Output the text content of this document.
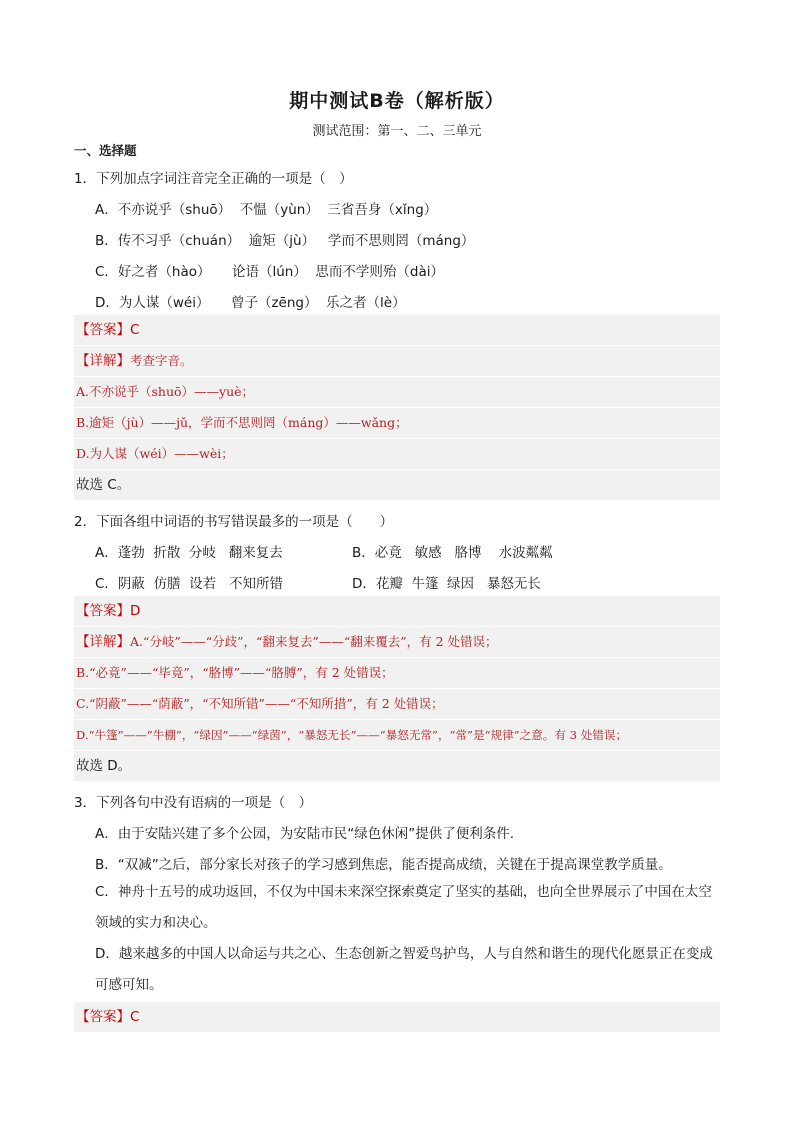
期中测试B卷（解析版）
测试范围：第一、二、三单元
一、选择题
1．下列加点字词注音完全正确的一项是（　）
A．不亦说乎（shuō）  不愠（yùn）  三省吾身（xǐng）
B．传不习乎（chuán）  逾矩（jù）   学而不思则罔（máng）
C．好之者（hào）     论语（lún）  思而不学则殆（dài）
D．为人谋（wéi）     曾子（zēng）  乐之者（lè）
【答案】C
【详解】考查字音。
A.不亦说乎（shuō）——yuè；
B.逾矩（jù）——jǔ，学而不思则罔（máng）——wǎng；
D.为人谋（wéi）——wèi；
故选 C。
2．下面各组中词语的书写错误最多的一项是（　　）
A．蓬勃  折散  分岐   翻来复去	B．必竟   敏感   胳博    水波粼粼
C．阴蔽  仿膳  设若   不知所错	D．花瓣  牛篷  绿因   暴怒无长
【答案】D
【详解】A.“分岐”——“分歧”，“翻来复去”——“翻来覆去”，有 2 处错误；
B.“必竟”——“毕竟”，“胳博”——“胳膊”，有 2 处错误；
C.“阴蔽”——“荫蔽”，“不知所错”——“不知所措”，有 2 处错误；
D.“牛篷”——“牛棚”，“绿因”——“绿茵”，“暴怒无长”——“暴怒无常”，“常”是“规律”之意。有 3 处错误；
故选 D。
3．下列各句中没有语病的一项是（　）
A．由于安陆兴建了多个公园，为安陆市民“绿色休闲”提供了便利条件.
B．“双减”之后，部分家长对孩子的学习感到焦虑，能否提高成绩，关键在于提高课堂教学质量。
C．神舟十五号的成功返回，不仅为中国未来深空探索奠定了坚实的基础，也向全世界展示了中国在太空领域的实力和决心。
D．越来越多的中国人以命运与共之心、生态创新之智爱鸟护鸟，人与自然和谐生的现代化愿景正在变成可感可知。
【答案】C
